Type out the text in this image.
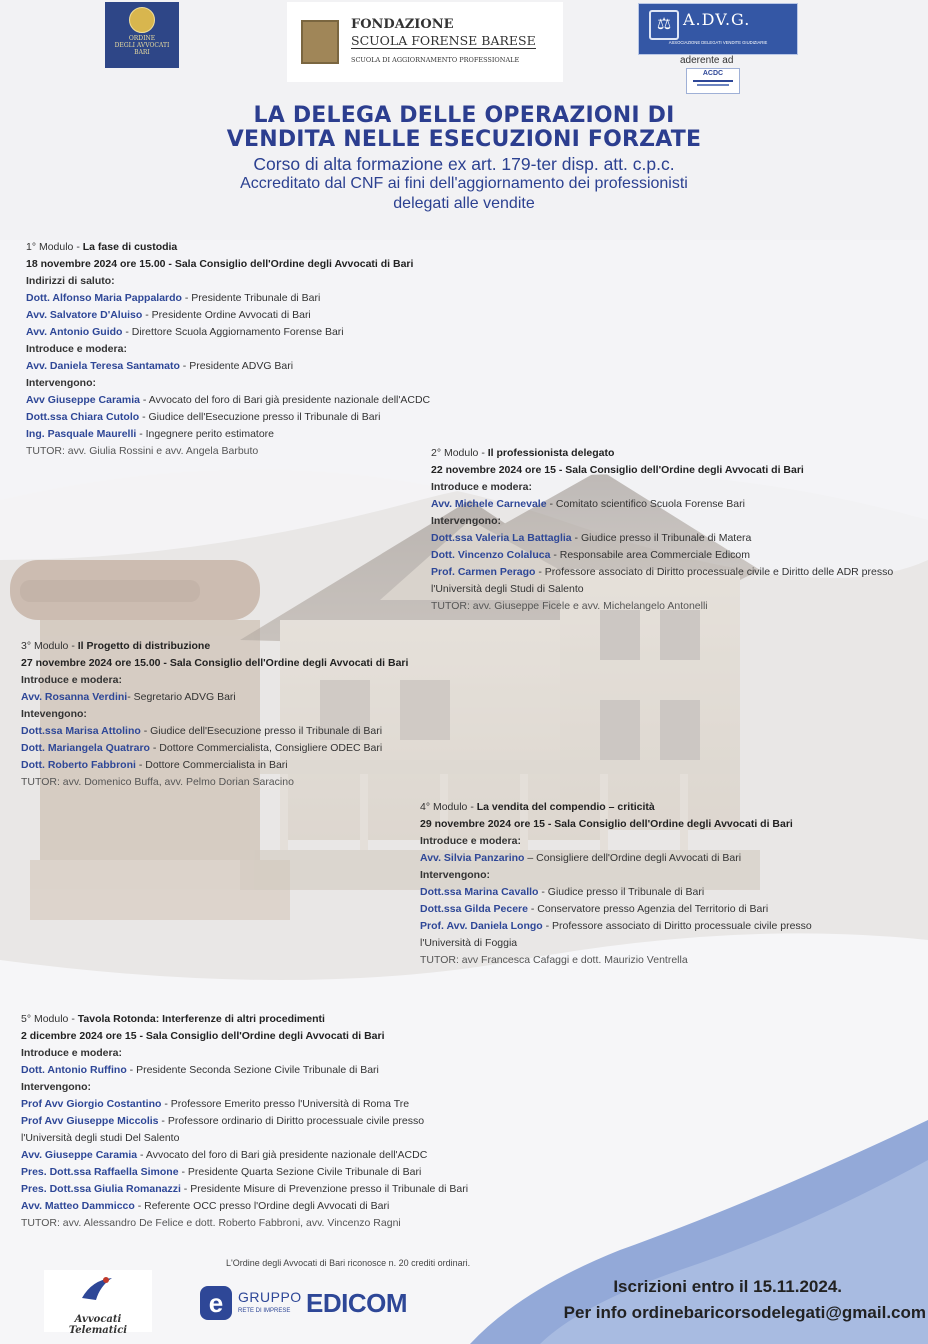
ORDINE
DEGLI AVVOCATI
BARI
FONDAZIONE
SCUOLA FORENSE BARESE
SCUOLA DI AGGIORNAMENTO PROFESSIONALE
⚖ A.DV.G.
ASSOCIAZIONE DELEGATI VENDITE GIUDIZIARIE
aderente ad
ACDC
LA DELEGA DELLE OPERAZIONI DI
VENDITA NELLE ESECUZIONI FORZATE
Corso di alta formazione ex art. 179-ter disp. att. c.p.c.
Accreditato dal CNF ai fini dell'aggiornamento dei professionisti
delegati alle vendite
1° Modulo - La fase di custodia
18 novembre 2024 ore 15.00 - Sala Consiglio dell'Ordine degli Avvocati di Bari
Indirizzi di saluto:
Dott. Alfonso Maria Pappalardo - Presidente Tribunale di Bari
Avv. Salvatore D'Aluiso - Presidente Ordine Avvocati di Bari
Avv. Antonio Guido - Direttore Scuola Aggiornamento Forense Bari
Introduce e modera:
Avv. Daniela Teresa Santamato - Presidente ADVG Bari
Intervengono:
Avv Giuseppe Caramia - Avvocato del foro di Bari già presidente nazionale dell'ACDC
Dott.ssa Chiara Cutolo - Giudice dell'Esecuzione presso il Tribunale di Bari
Ing. Pasquale Maurelli - Ingegnere perito estimatore
TUTOR: avv. Giulia Rossini e avv. Angela Barbuto	2° Modulo - Il professionista delegato
22 novembre 2024 ore 15 - Sala Consiglio dell'Ordine degli Avvocati di Bari
Introduce e modera:
Avv. Michele Carnevale - Comitato scientifico Scuola Forense Bari
Intervengono:
Dott.ssa Valeria La Battaglia - Giudice presso il Tribunale di Matera
Dott. Vincenzo Colaluca - Responsabile area Commerciale Edicom
Prof. Carmen Perago - Professore associato di Diritto processuale civile e Diritto delle ADR presso l'Università degli Studi di Salento
TUTOR: avv. Giuseppe Ficele e avv. Michelangelo Antonelli
3° Modulo - Il Progetto di distribuzione
27 novembre 2024 ore 15.00 - Sala Consiglio dell'Ordine degli Avvocati di Bari
Introduce e modera:
Avv. Rosanna Verdini- Segretario ADVG Bari
Intevengono:
Dott.ssa Marisa Attolino - Giudice dell'Esecuzione presso il Tribunale di Bari
Dott. Mariangela Quatraro - Dottore Commercialista, Consigliere ODEC Bari
Dott. Roberto Fabbroni - Dottore Commercialista in Bari
TUTOR: avv. Domenico Buffa, avv. Pelmo Dorian Saracino
4° Modulo - La vendita del compendio – criticità
29 novembre 2024 ore 15 - Sala Consiglio dell'Ordine degli Avvocati di Bari
Introduce e modera:
Avv. Silvia Panzarino – Consigliere dell'Ordine degli Avvocati di Bari
Intervengono:
Dott.ssa Marina Cavallo - Giudice presso il Tribunale di Bari
Dott.ssa Gilda Pecere - Conservatore presso Agenzia del Territorio di Bari
Prof. Avv. Daniela Longo - Professore associato di Diritto processuale civile presso l'Università di Foggia
TUTOR: avv Francesca Cafaggi e dott. Maurizio Ventrella
5° Modulo - Tavola Rotonda: Interferenze di altri procedimenti
2 dicembre 2024 ore 15 - Sala Consiglio dell'Ordine degli Avvocati di Bari
Introduce e modera:
Dott. Antonio Ruffino - Presidente Seconda Sezione Civile Tribunale di Bari
Intervengono:
Prof Avv Giorgio Costantino - Professore Emerito presso l'Università di Roma Tre
Prof Avv Giuseppe Miccolis - Professore ordinario di Diritto processuale civile presso l'Università degli studi Del Salento
Avv. Giuseppe Caramia - Avvocato del foro di Bari già presidente nazionale dell'ACDC
Pres. Dott.ssa Raffaella Simone - Presidente Quarta Sezione Civile Tribunale di Bari
Pres. Dott.ssa Giulia Romanazzi - Presidente Misure di Prevenzione presso il Tribunale di Bari
Avv. Matteo Dammicco - Referente OCC presso l'Ordine degli Avvocati di Bari
TUTOR: avv. Alessandro De Felice e dott. Roberto Fabbroni, avv. Vincenzo Ragni
L'Ordine degli Avvocati di Bari riconosce n. 20 crediti ordinari.
Avvocati Telematici
e	GRUPPO
RETE DI IMPRESE EDICOM
Iscrizioni entro il 15.11.2024.
Per info ordinebaricorsodelegati@gmail.com
